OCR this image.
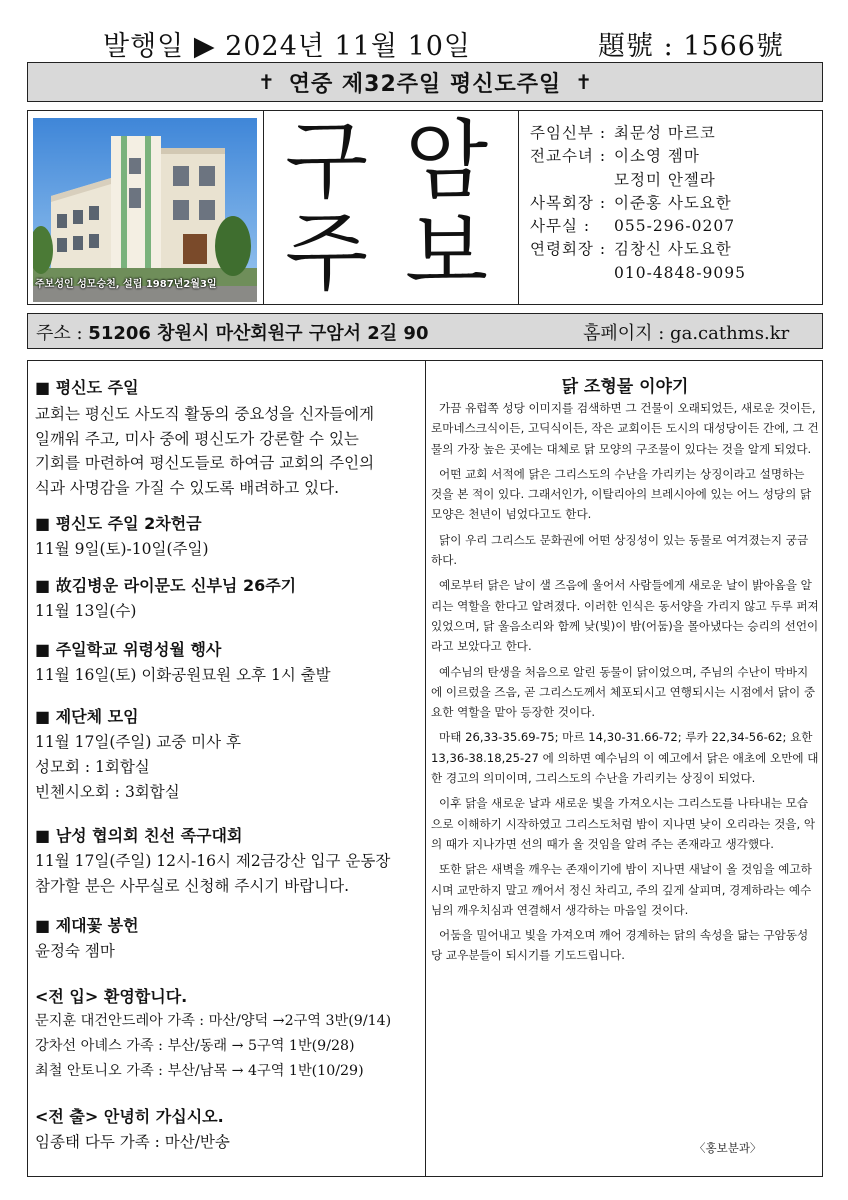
발행일 ▶ 2024년 11월 10일	題號 : 1566號
✝ 연중 제32주일 평신도주일 ✝
주보성인 성모승천, 설립 1987년2월3일
구 암
주 보
주임신부 : 최문성 마르코
전교수녀 : 이소영 젬마
모정미 안젤라
사목회장 : 이준홍 사도요한
사무실 :	055-296-0207
연령회장 : 김창신 사도요한
010-4848-9095
주소 : 51206 창원시 마산회원구 구암서 2길 90	홈페이지 : ga.cathms.kr
■ 평신도 주일
교회는 평신도 사도직 활동의 중요성을 신자들에게
일깨워 주고, 미사 중에 평신도가 강론할 수 있는
기회를 마련하여 평신도들로 하여금 교회의 주인의
식과 사명감을 가질 수 있도록 배려하고 있다.
■ 평신도 주일 2차헌금
11월 9일(토)-10일(주일)
■ 故김병운 라이문도 신부님 26주기
11월 13일(수)
■ 주일학교 위령성월 행사
11월 16일(토) 이화공원묘원 오후 1시 출발
■ 제단체 모임
11월 17일(주일) 교중 미사 후
성모회 : 1회합실
빈첸시오회 : 3회합실
■ 남성 협의회 친선 족구대회
11월 17일(주일) 12시-16시 제2금강산 입구 운동장
참가할 분은 사무실로 신청해 주시기 바랍니다.
■ 제대꽃 봉헌
윤정숙 젬마
<전 입> 환영합니다.
문지훈 대건안드레아 가족 : 마산/양덕 →2구역 3반(9/14)
강차선 아녜스 가족 : 부산/동래 → 5구역 1반(9/28)
최철 안토니오 가족 : 부산/남목 → 4구역 1반(10/29)
<전 출> 안녕히 가십시오.
임종태 다두 가족 : 마산/반송
닭 조형물 이야기

가끔 유럽쪽 성당 이미지를 검색하면 그 건물이 오래되었든, 새로운 것이든, 로마네스크식이든, 고딕식이든, 작은 교회이든 도시의 대성당이든 간에, 그 건물의 가장 높은 곳에는 대체로 닭 모양의 구조물이 있다는 것을 알게 되었다.

어떤 교회 서적에 닭은 그리스도의 수난을 가리키는 상징이라고 설명하는 것을 본 적이 있다. 그래서인가, 이탈리아의 브레시아에 있는 어느 성당의 닭 모양은 천년이 넘었다고도 한다.

닭이 우리 그리스도 문화권에 어떤 상징성이 있는 동물로 여겨졌는지 궁금하다.

예로부터 닭은 날이 샐 즈음에 울어서 사람들에게 새로운 날이 밝아옴을 알리는 역할을 한다고 알려졌다. 이러한 인식은 동서양을 가리지 않고 두루 퍼져 있었으며, 닭 울음소리와 함께 낮(빛)이 밤(어둠)을 몰아냈다는 승리의 선언이라고 보았다고 한다.

예수님의 탄생을 처음으로 알린 동물이 닭이었으며, 주님의 수난이 막바지에 이르렀을 즈음, 곧 그리스도께서 체포되시고 연행되시는 시점에서 닭이 중요한 역할을 맡아 등장한 것이다.

마태 26,33-35.69-75; 마르 14,30-31.66-72; 루카 22,34-56-62; 요한 13,36-38.18,25-27 에 의하면 예수님의 이 예고에서 닭은 애초에 오만에 대한 경고의 의미이며, 그리스도의 수난을 가리키는 상징이 되었다.

이후 닭을 새로운 날과 새로운 빛을 가져오시는 그리스도를 나타내는 모습으로 이해하기 시작하였고 그리스도처럼 밤이 지나면 낮이 오리라는 것을, 악의 때가 지나가면 선의 때가 올 것임을 알려 주는 존재라고 생각했다.

또한 닭은 새벽을 깨우는 존재이기에 밤이 지나면 새날이 올 것임을 예고하시며 교만하지 말고 깨어서 정신 차리고, 주의 깊게 살피며, 경계하라는 예수님의 깨우치심과 연결해서 생각하는 마음일 것이다.

어둠을 밀어내고 빛을 가져오며 깨어 경계하는 닭의 속성을 닮는 구암동성당 교우분들이 되시기를 기도드립니다.

〈홍보분과〉
